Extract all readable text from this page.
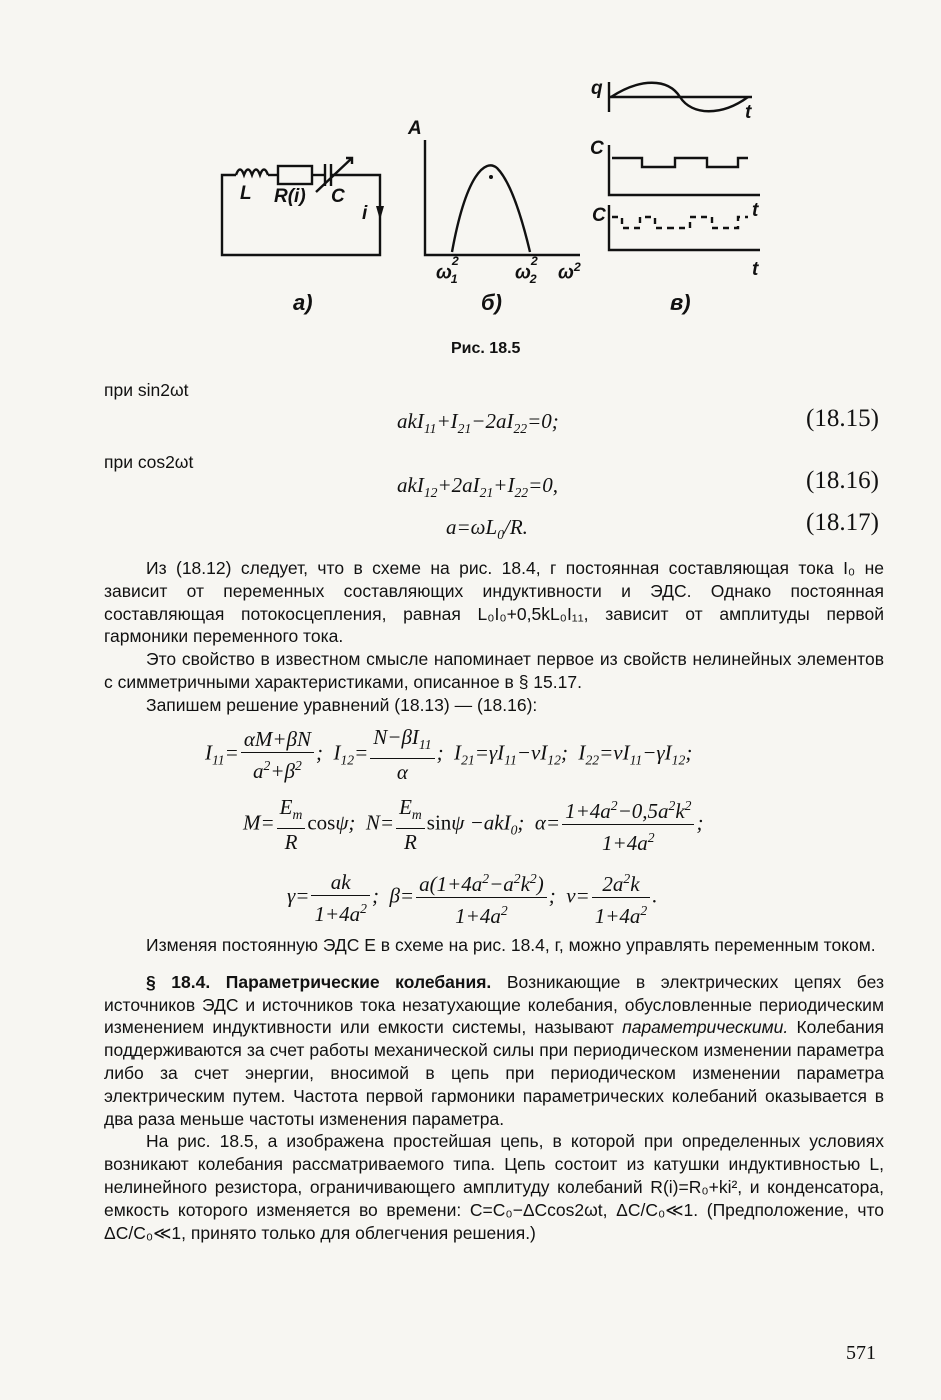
L R(i) C
i
а)
A
$\omega^2_1$	$\omega^2_2$	$\omega^2$
б)
q
t
C
C	t
t
в)
Рис. 18.5
при sin2ωt
$akI_{11}+I_{21}-2aI_{22}=0$;	(18.15)
при cos2ωt
$akI_{12}+2aI_{21}+I_{22}=0$,	(18.16)
$a=\omega L_0/R$.	(18.17)

Из (18.12) следует, что в схеме на рис. 18.4, г постоянная составляющая тока I₀ не зависит от переменных составляющих индуктивности и ЭДС. Однако постоянная составляющая потокосцепления, равная L₀I₀+0,5kL₀I₁₁, зависит от амплитуды первой гармоники переменного тока.

Это свойство в известном смысле напоминает первое из свойств нелинейных элементов с симметричными характеристиками, описанное в § 15.17.

Запишем решение уравнений (18.13) — (18.16):

$I_{11}= \frac{\alpha M+\beta N}{a^2+\beta^2}$ ;  $I_{12}= \frac{N-\beta I_{11}}{\alpha}$ ;  $I_{21}=\gamma I_{11}-\nu I_{12}$;  $I_{22}=\nu I_{11}-\gamma I_{12}$;
$M= \frac{E_m}{R} \cos\psi$;  $N= \frac{E_m}{R}$ sinψ −akI$_0$;  $\alpha= \frac{1+4a^2-0,5a^2k^2}{1+4a^2}$ ;
$\gamma= \frac{ak}{1+4a^2}$ ;  $\beta= \frac{a(1+4a^2-a^2k^2)}{1+4a^2}$ ;  $\nu= \frac{2a^2k}{1+4a^2}$ .

Изменяя постоянную ЭДС E в схеме на рис. 18.4, г, можно управлять переменным током.

§ 18.4. Параметрические колебания. Возникающие в электрических цепях без источников ЭДС и источников тока незатухающие колебания, обусловленные периодическим изменением индуктивности или емкости системы, называют параметрическими. Колебания поддерживаются за счет работы механической силы при периодическом изменении параметра либо за счет энергии, вносимой в цепь при периодическом изменении параметра электрическим путем. Частота первой гармоники параметрических колебаний оказывается в два раза меньше частоты изменения параметра.

На рис. 18.5, а изображена простейшая цепь, в которой при определенных условиях возникают колебания рассматриваемого типа. Цепь состоит из катушки индуктивностью L, нелинейного резистора, ограничивающего амплитуду колебаний R(i)=R₀+ki², и конденсатора, емкость которого изменяется во времени: C=C₀−ΔCcos2ωt, ΔC/C₀≪1. (Предположение, что ΔC/C₀≪1, принято только для облегчения решения.)

571
